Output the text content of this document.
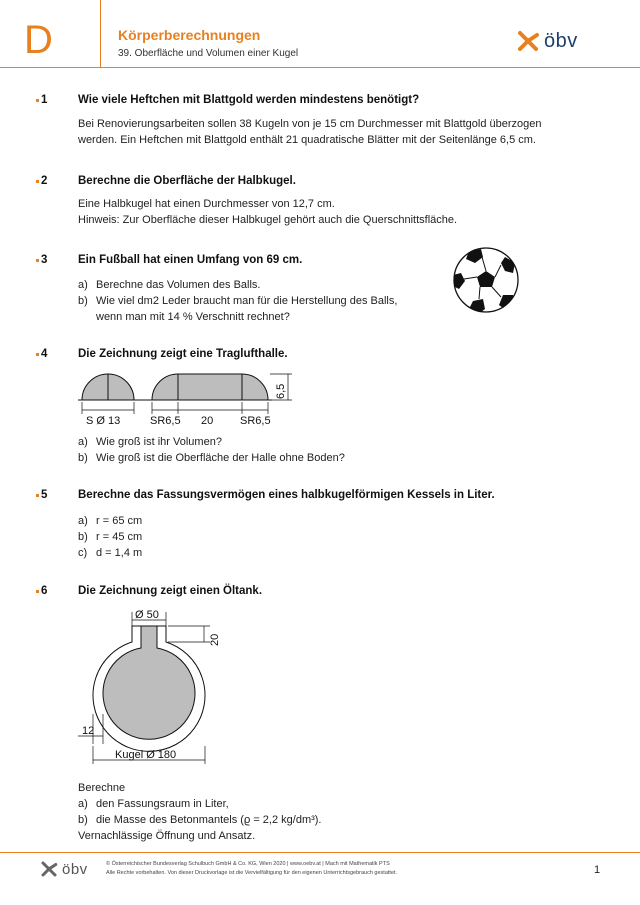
D	Körperberechnungen
39. Oberfläche und Volumen einer Kugel
öbv
1	Wie viele Heftchen mit Blattgold werden mindestens benötigt?
Bei Renovierungsarbeiten sollen 38 Kugeln von je 15 cm Durchmesser mit Blattgold überzogen
werden. Ein Heftchen mit Blattgold enthält 21 quadratische Blätter mit der Seitenlänge 6,5 cm.
2	Berechne die Oberfläche der Halbkugel.
Eine Halbkugel hat einen Durchmesser von 12,7 cm.
Hinweis: Zur Oberfläche dieser Halbkugel gehört auch die Querschnittsfläche.
3	Ein Fußball hat einen Umfang von 69 cm.
a) Berechne das Volumen des Balls.
b) Wie viel dm2 Leder braucht man für die Herstellung des Balls,
wenn man mit 14 % Verschnitt rechnet?
4	Die Zeichnung zeigt eine Traglufthalle.
S Ø 13	SR6,5 20 SR6,5
6,5
a) Wie groß ist ihr Volumen?
b) Wie groß ist die Oberfläche der Halle ohne Boden?
5	Berechne das Fassungsvermögen eines halbkugelförmigen Kessels in Liter.
a) r = 65 cm
b) r = 45 cm
c) d = 1,4 m
6	Die Zeichnung zeigt einen Öltank.
Ø 50
20
12
Kugel Ø 180
Berechne
a) den Fassungsraum in Liter,
b) die Masse des Betonmantels (ϱ = 2,2 kg/dm³).
Vernachlässige Öffnung und Ansatz.
öbv	© Österreichischer Bundesverlag Schulbuch GmbH & Co. KG, Wien 2020 | www.oebv.at | Mach mit Mathematik PTS
Alle Rechte vorbehalten. Von dieser Druckvorlage ist die Vervielfältigung für den eigenen Unterrichtsgebrauch gestattet.	1
